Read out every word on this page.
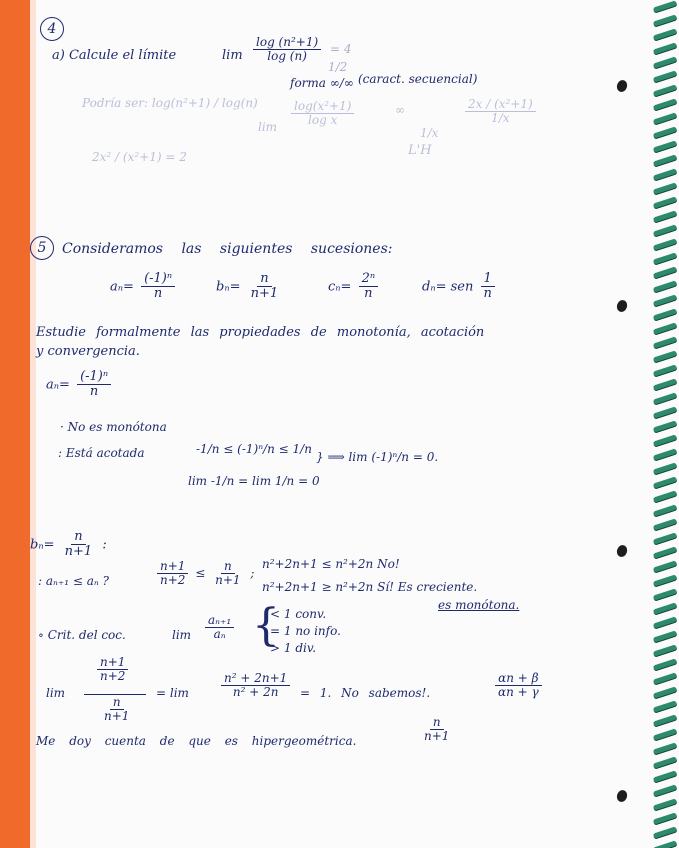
4
a) Calcule el límite	$\lim \frac{\text{log (n²+1)}}{\log (n)} = 4$
1/2
forma ∞/∞ (caract. secuencial)
Podría ser: log(n²+1) / log(n)
$\lim \frac{\text{log(x²+1)}}{\text{log x}}$	∞
1/x
$\frac{\text{2x / (x²+1)}}{1/x}$
L'H
2x² / (x²+1) = 2
5	Consideramos las siguientes sucesiones:
$a_n= \frac{\text{(-1)ⁿ}}{n}$	$b_n= \frac{n}{n+1}$	$c_n= \frac{\text{2ⁿ}}{n}$	dₙ= sen $\frac{1}{n}$
Estudie formalmente las propiedades de monotonía, acotación
y convergencia.
$a_n= \frac{\text{(-1)ⁿ}}{n}$
· No es monótona
: Está acotada	-1/n ≤ (-1)ⁿ/n ≤ 1/n
} ⟹ lim (-1)ⁿ/n = 0.
lim -1/n = lim 1/n = 0
$b_n= \frac{n}{n+1}$ :
: aₙ₊₁ ≤ aₙ ?	$\frac{n+1}{n+2} \le \frac{n}{n+1}$ ;
n²+2n+1 ≤ n²+2n No!
n²+2n+1 ≥ n²+2n Sí! Es creciente.
es monótona.
∘ Crit. del coc.	$\lim \frac{\text{aₙ₊₁}}{\text{aₙ}}$ {
< 1 conv.
= 1 no info.
> 1 div.
lim
$\frac{n+1}{n+2}$
$\frac{n}{n+1}$
= lim	$\frac{\text{n² + 2n+1}}{\text{n² + 2n}} = 1$. No sabemos!.	$\frac{\alpha n + \beta}{\alpha n + \gamma}$
Me doy cuenta de que es hipergeométrica.	$\frac{n}{n+1}$
